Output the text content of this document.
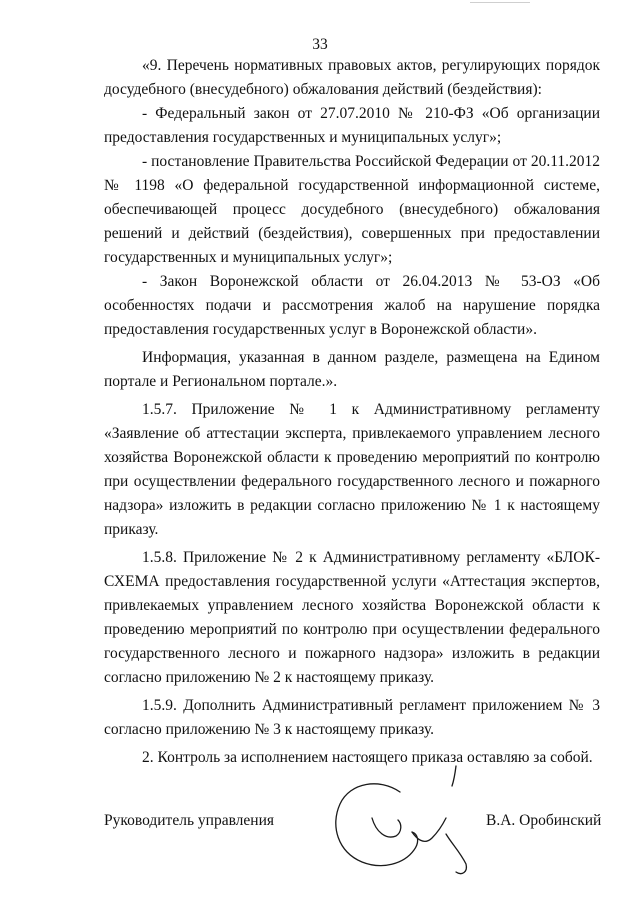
33

«9. Перечень нормативных правовых актов, регулирующих порядок досудебного (внесудебного) обжалования действий (бездействия):

- Федеральный закон от 27.07.2010 № 210-ФЗ «Об организации предоставления государственных и муниципальных услуг»;

- постановление Правительства Российской Федерации от 20.11.2012 № 1198 «О федеральной государственной информационной системе, обеспечивающей процесс досудебного (внесудебного) обжалования решений и действий (бездействия), совершенных при предоставлении государственных и муниципальных услуг»;

- Закон Воронежской области от 26.04.2013 № 53-ОЗ «Об особенностях подачи и рассмотрения жалоб на нарушение порядка предоставления государственных услуг в Воронежской области».

Информация, указанная в данном разделе, размещена на Едином портале и Региональном портале.».

1.5.7. Приложение № 1 к Административному регламенту «Заявление об аттестации эксперта, привлекаемого управлением лесного хозяйства Воронежской области к проведению мероприятий по контролю при осуществлении федерального государственного лесного и пожарного надзора» изложить в редакции согласно приложению № 1 к настоящему приказу.

1.5.8. Приложение № 2 к Административному регламенту «БЛОК-СХЕМА предоставления государственной услуги «Аттестация экспертов, привлекаемых управлением лесного хозяйства Воронежской области к проведению мероприятий по контролю при осуществлении федерального государственного лесного и пожарного надзора» изложить в редакции согласно приложению № 2 к настоящему приказу.

1.5.9. Дополнить Административный регламент приложением № 3 согласно приложению № 3 к настоящему приказу.

2. Контроль за исполнением настоящего приказа оставляю за собой.

Руководитель управления	В.А. Оробинский
